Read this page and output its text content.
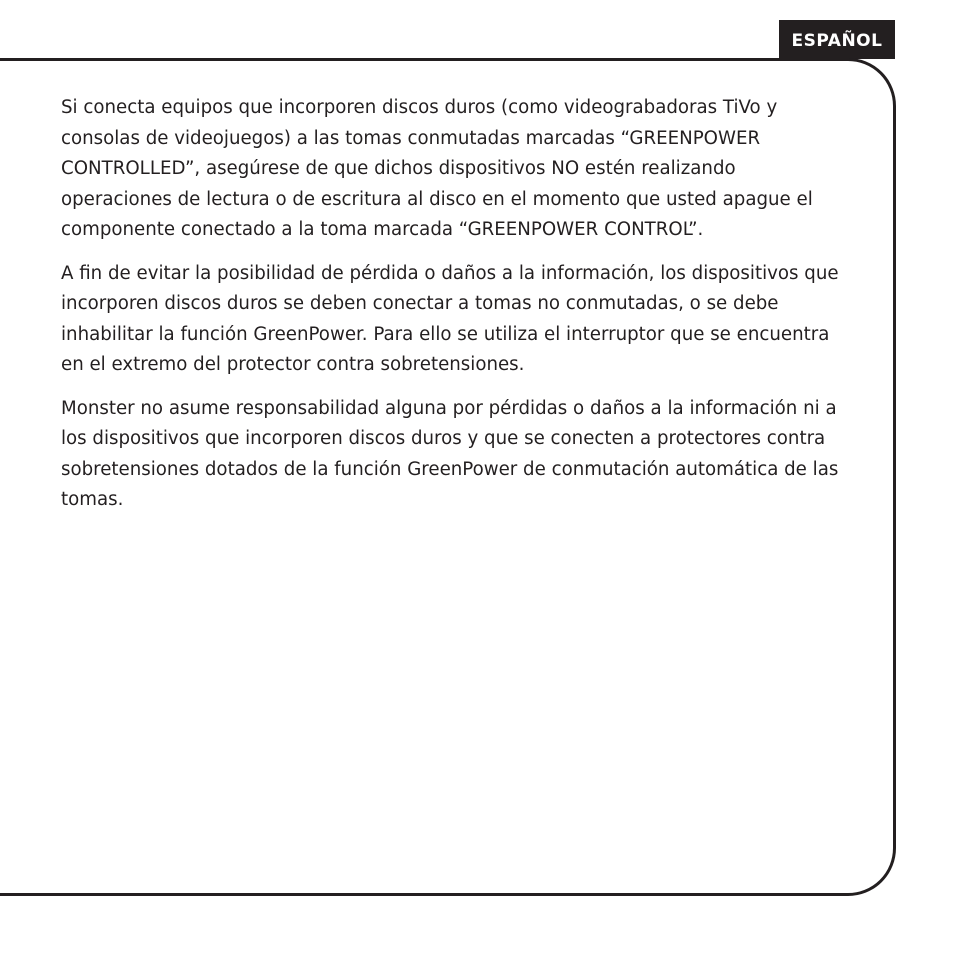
ESPAÑOL

Si conecta equipos que incorporen discos duros (como videograbadoras TiVo y consolas de videojuegos) a las tomas conmutadas marcadas “GREENPOWER CONTROLLED”, asegúrese de que dichos dispositivos NO estén realizando operaciones de lectura o de escritura al disco en el momento que usted apague el componente conectado a la toma marcada “GREENPOWER CONTROL”.

A fin de evitar la posibilidad de pérdida o daños a la información, los dispositivos que incorporen discos duros se deben conectar a tomas no conmutadas, o se debe inhabilitar la función GreenPower. Para ello se utiliza el interruptor que se encuentra en el extremo del protector contra sobretensiones.

Monster no asume responsabilidad alguna por pérdidas o daños a la información ni a los dispositivos que incorporen discos duros y que se conecten a protectores contra sobretensiones dotados de la función GreenPower de conmutación automática de las tomas.
